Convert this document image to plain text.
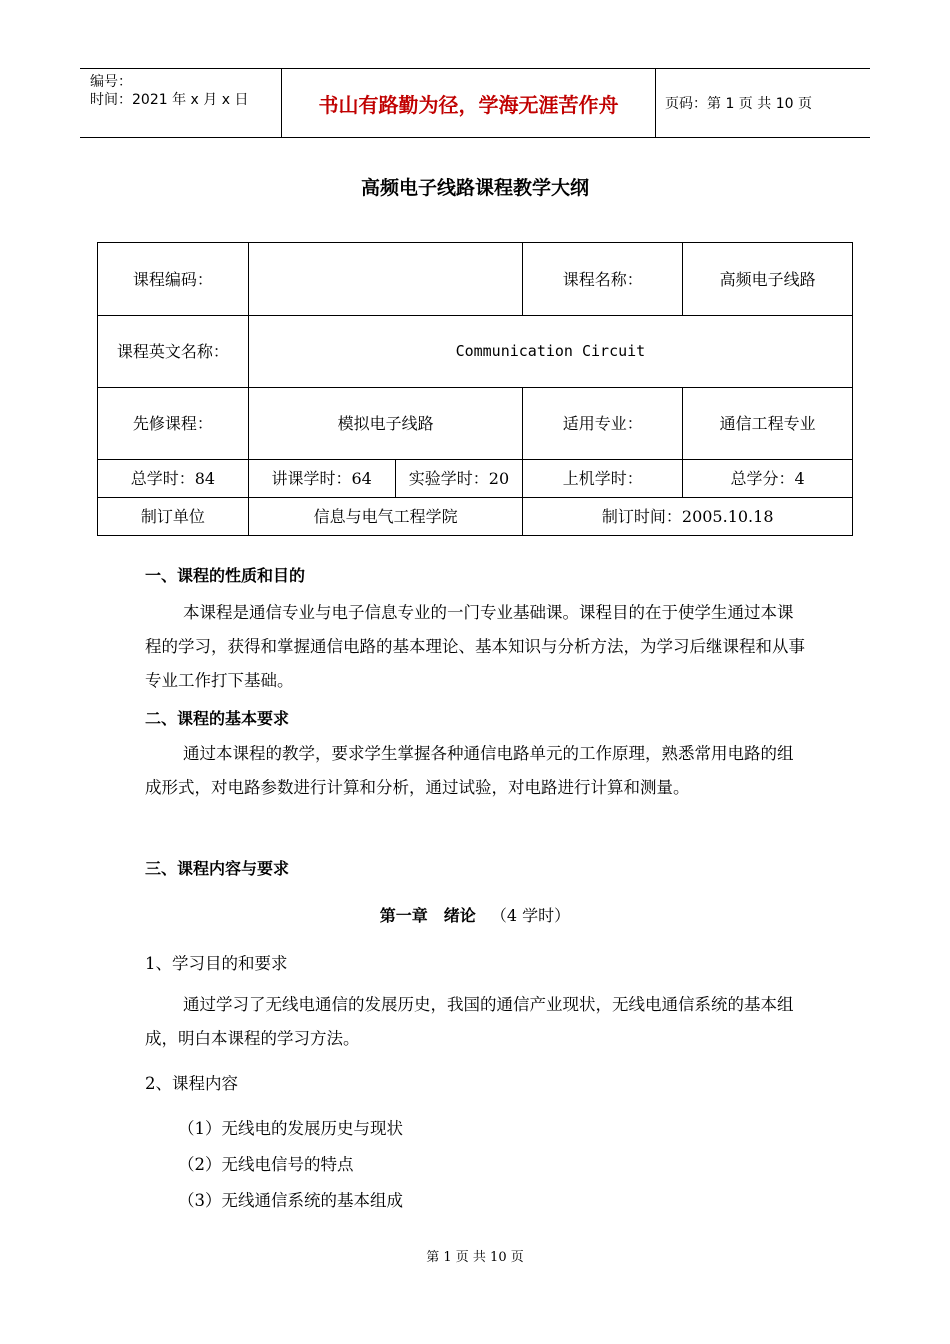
编号：
时间：2021 年 x 月 x 日	书山有路勤为径，学海无涯苦作舟	页码：第 1 页 共 10 页
高频电子线路课程教学大纲
课程编码：			课程名称：	高频电子线路
课程英文名称：	Communication Circuit			
先修课程：	模拟电子线路		适用专业：	通信工程专业
总学时：84	讲课学时：64	实验学时：20	上机学时：	总学分：4
制订单位	信息与电气工程学院		制订时间：2005.10.18	
一、课程的性质和目的
本课程是通信专业与电子信息专业的一门专业基础课。课程目的在于使学生通过本课程的学习，获得和掌握通信电路的基本理论、基本知识与分析方法，为学习后继课程和从事专业工作打下基础。
二、课程的基本要求
通过本课程的教学，要求学生掌握各种通信电路单元的工作原理，熟悉常用电路的组成形式，对电路参数进行计算和分析，通过试验，对电路进行计算和测量。
三、课程内容与要求
第一章　绪论 （4 学时）
1、学习目的和要求
通过学习了无线电通信的发展历史，我国的通信产业现状，无线电通信系统的基本组成，明白本课程的学习方法。
2、课程内容
（1）无线电的发展历史与现状
（2）无线电信号的特点
（3）无线通信系统的基本组成
第 1 页 共 10 页
